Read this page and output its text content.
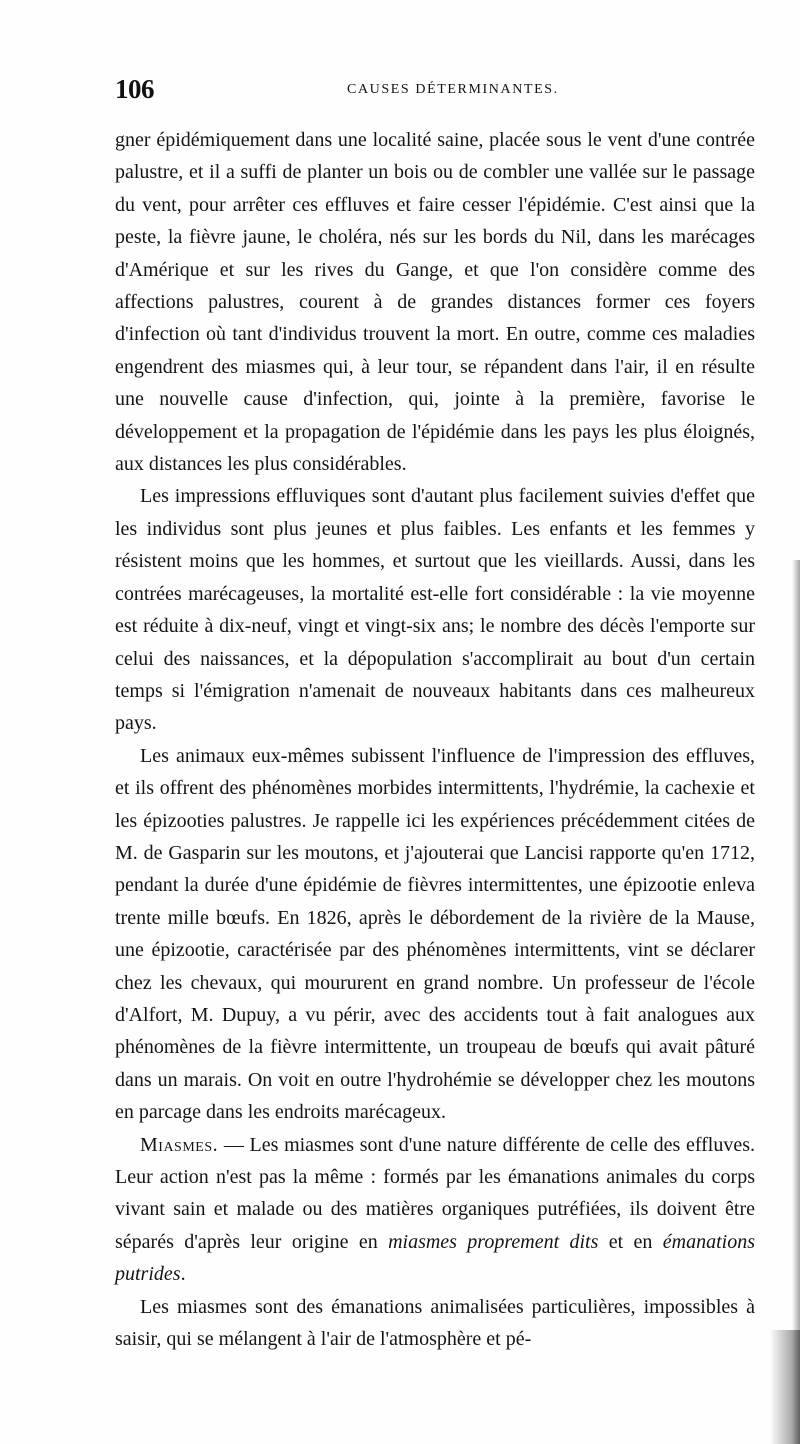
106	CAUSES DÉTERMINANTES.

gner épidémiquement dans une localité saine, placée sous le vent d'une contrée palustre, et il a suffi de planter un bois ou de combler une vallée sur le passage du vent, pour arrêter ces effluves et faire cesser l'épidémie. C'est ainsi que la peste, la fièvre jaune, le choléra, nés sur les bords du Nil, dans les marécages d'Amérique et sur les rives du Gange, et que l'on considère comme des affections palustres, courent à de grandes distances former ces foyers d'infection où tant d'individus trouvent la mort. En outre, comme ces maladies engendrent des miasmes qui, à leur tour, se répandent dans l'air, il en résulte une nouvelle cause d'infection, qui, jointe à la première, favorise le développement et la propagation de l'épidémie dans les pays les plus éloignés, aux distances les plus considérables.

Les impressions effluviques sont d'autant plus facilement suivies d'effet que les individus sont plus jeunes et plus faibles. Les enfants et les femmes y résistent moins que les hommes, et surtout que les vieillards. Aussi, dans les contrées marécageuses, la mortalité est-elle fort considérable : la vie moyenne est réduite à dix-neuf, vingt et vingt-six ans; le nombre des décès l'emporte sur celui des naissances, et la dépopulation s'accomplirait au bout d'un certain temps si l'émigration n'amenait de nouveaux habitants dans ces malheureux pays.

Les animaux eux-mêmes subissent l'influence de l'impression des effluves, et ils offrent des phénomènes morbides intermittents, l'hydrémie, la cachexie et les épizooties palustres. Je rappelle ici les expériences précédemment citées de M. de Gasparin sur les moutons, et j'ajouterai que Lancisi rapporte qu'en 1712, pendant la durée d'une épidémie de fièvres intermittentes, une épizootie enleva trente mille bœufs. En 1826, après le débordement de la rivière de la Mause, une épizootie, caractérisée par des phénomènes intermittents, vint se déclarer chez les chevaux, qui moururent en grand nombre. Un professeur de l'école d'Alfort, M. Dupuy, a vu périr, avec des accidents tout à fait analogues aux phénomènes de la fièvre intermittente, un troupeau de bœufs qui avait pâturé dans un marais. On voit en outre l'hydrohémie se développer chez les moutons en parcage dans les endroits marécageux.

Miasmes. — Les miasmes sont d'une nature différente de celle des effluves. Leur action n'est pas la même : formés par les émanations animales du corps vivant sain et malade ou des matières organiques putréfiées, ils doivent être séparés d'après leur origine en miasmes proprement dits et en émanations putrides.

Les miasmes sont des émanations animalisées particulières, impossibles à saisir, qui se mélangent à l'air de l'atmosphère et pé-
